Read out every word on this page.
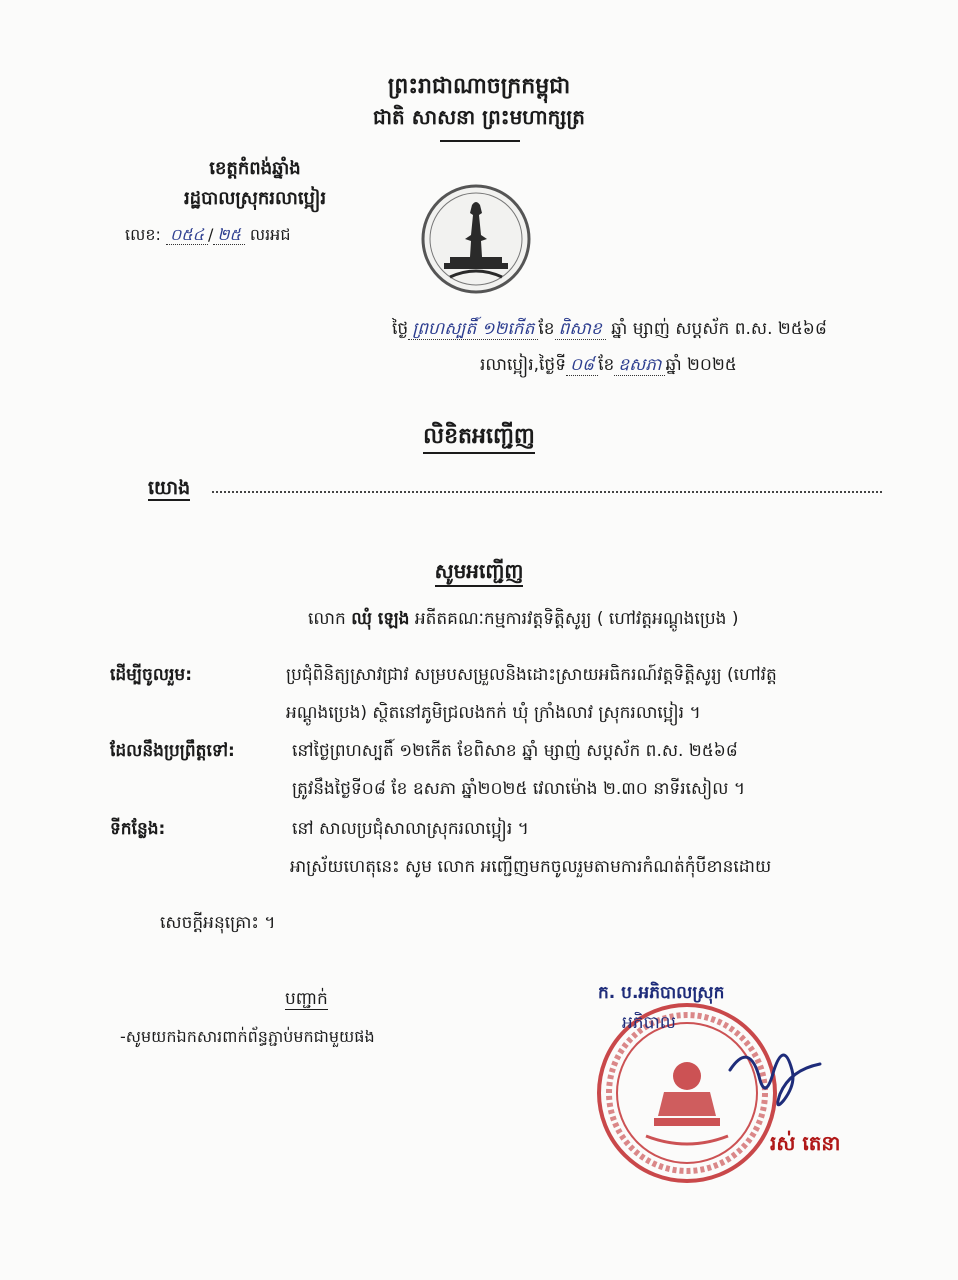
ព្រះរាជាណាចក្រកម្ពុជា
ជាតិ សាសនា ព្រះមហាក្សត្រ
ខេត្តកំពង់ឆ្នាំង
រដ្ឋបាលស្រុករលាប្អៀរ
លេខ: ០៥៤ / ២៥ លរអជ
ថ្ងៃ ព្រហស្បតិ៍ ១២កើត ខែ ពិសាខ ឆ្នាំ ម្សាញ់ សប្តស័ក ព.ស. ២៥៦៨
រលាប្អៀរ,ថ្ងៃទី ០៨ ខែ ឧសភា ឆ្នាំ ២០២៥
លិខិតអញ្ជើញ
យោង
សូមអញ្ជើញ
លោក ឈុំ ឡេង អតីតគណៈកម្មការវត្តទិត្តិសូរ្យ ( ហៅវត្តអណ្តូងប្រេង )
ដើម្បីចូលរួម:	ប្រជុំពិនិត្យស្រាវជ្រាវ សម្របសម្រួលនិងដោះស្រាយអធិករណ៍វត្តទិត្តិសូរ្យ (ហៅវត្ត
អណ្តូងប្រេង) ស្ថិតនៅភូមិជ្រលងកក់ ឃុំ ក្រាំងលាវ ស្រុករលាប្អៀរ ។
ដែលនឹងប្រព្រឹត្តទៅ:	នៅថ្ងៃព្រហស្បតិ៍ ១២កើត ខែពិសាខ ឆ្នាំ ម្សាញ់ សប្តស័ក ព.ស. ២៥៦៨
ត្រូវនឹងថ្ងៃទី០៨ ខែ ឧសភា ឆ្នាំ២០២៥ វេលាម៉ោង ២.៣០ នាទីរសៀល ។
ទីកន្លែង:	នៅ សាលប្រជុំសាលាស្រុករលាប្អៀរ ។
អាស្រ័យហេតុនេះ សូម លោក អញ្ជើញមកចូលរួមតាមការកំណត់កុំបីខានដោយ
សេចក្តីអនុគ្រោះ ។
បញ្ជាក់
-សូមយកឯកសារពាក់ព័ន្ធភ្ជាប់មកជាមួយផង
ក. ប.អភិបាលស្រុក
អភិបាល
រស់ តេនា
